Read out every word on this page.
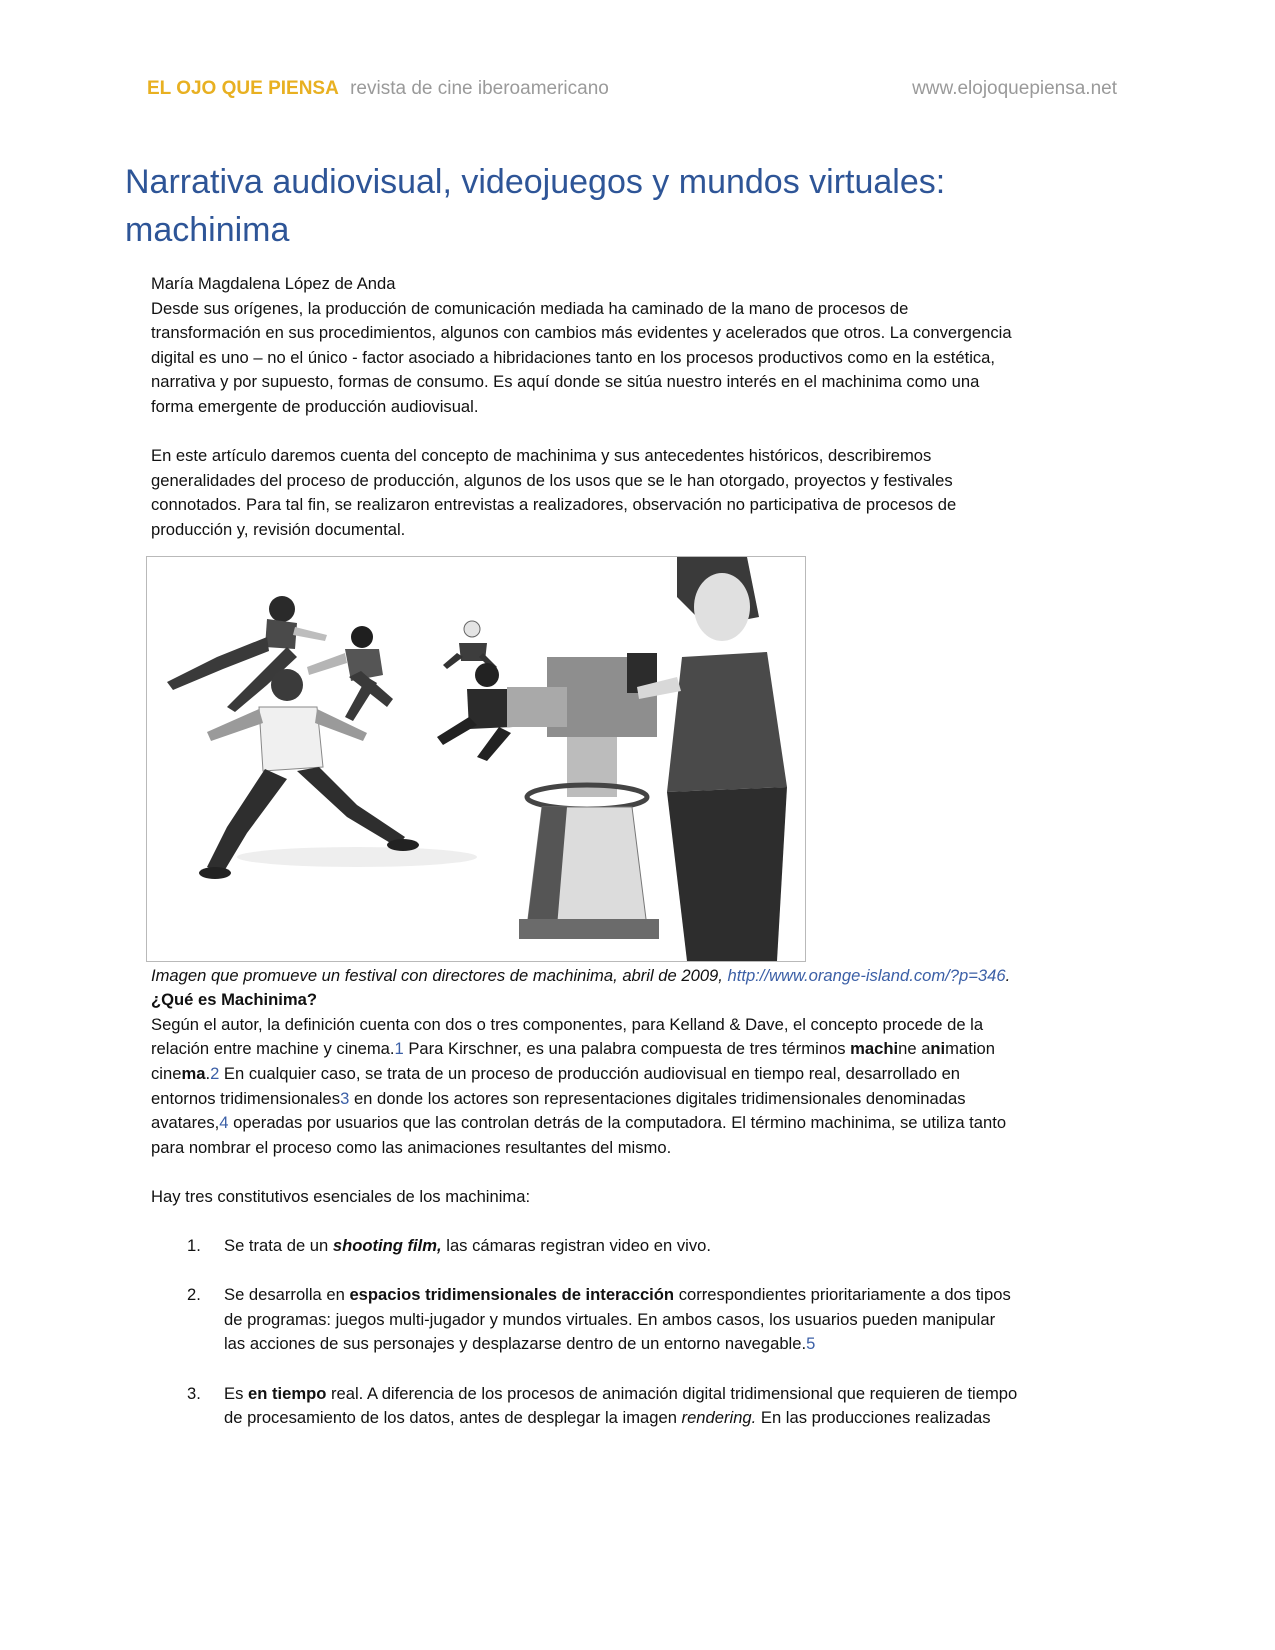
EL OJO QUE PIENSA revista de cine iberoamericano	www.elojoquepiensa.net
Narrativa audiovisual, videojuegos y mundos virtuales:
machinima

María Magdalena López de Anda

Desde sus orígenes, la producción de comunicación mediada ha caminado de la mano de procesos de

transformación en sus procedimientos, algunos con cambios más evidentes y acelerados que otros. La convergencia

digital es uno – no el único - factor asociado a hibridaciones tanto en los procesos productivos como en la estética,

narrativa y por supuesto, formas de consumo. Es aquí donde se sitúa nuestro interés en el machinima como una

forma emergente de producción audiovisual.

En este artículo daremos cuenta del concepto de machinima y sus antecedentes históricos, describiremos

generalidades del proceso de producción, algunos de los usos que se le han otorgado, proyectos y festivales

connotados. Para tal fin, se realizaron entrevistas a realizadores, observación no participativa de procesos de

producción y, revisión documental.

Imagen que promueve un festival con directores de machinima, abril de 2009, http://www.orange-island.com/?p=346.

¿Qué es Machinima?

Según el autor, la definición cuenta con dos o tres componentes, para Kelland & Dave, el concepto procede de la

relación entre machine y cinema.1 Para Kirschner, es una palabra compuesta de tres términos machine animation

cinema.2 En cualquier caso, se trata de un proceso de producción audiovisual en tiempo real, desarrollado en

entornos tridimensionales3 en donde los actores son representaciones digitales tridimensionales denominadas

avatares,4 operadas por usuarios que las controlan detrás de la computadora. El término machinima, se utiliza tanto

para nombrar el proceso como las animaciones resultantes del mismo.

Hay tres constitutivos esenciales de los machinima:

1. Se trata de un shooting film, las cámaras registran video en vivo.
2. Se desarrolla en espacios tridimensionales de interacción correspondientes prioritariamente a dos tipos
de programas: juegos multi-jugador y mundos virtuales. En ambos casos, los usuarios pueden manipular
las acciones de sus personajes y desplazarse dentro de un entorno navegable.5
3. Es en tiempo real. A diferencia de los procesos de animación digital tridimensional que requieren de tiempo
de procesamiento de los datos, antes de desplegar la imagen rendering. En las producciones realizadas
